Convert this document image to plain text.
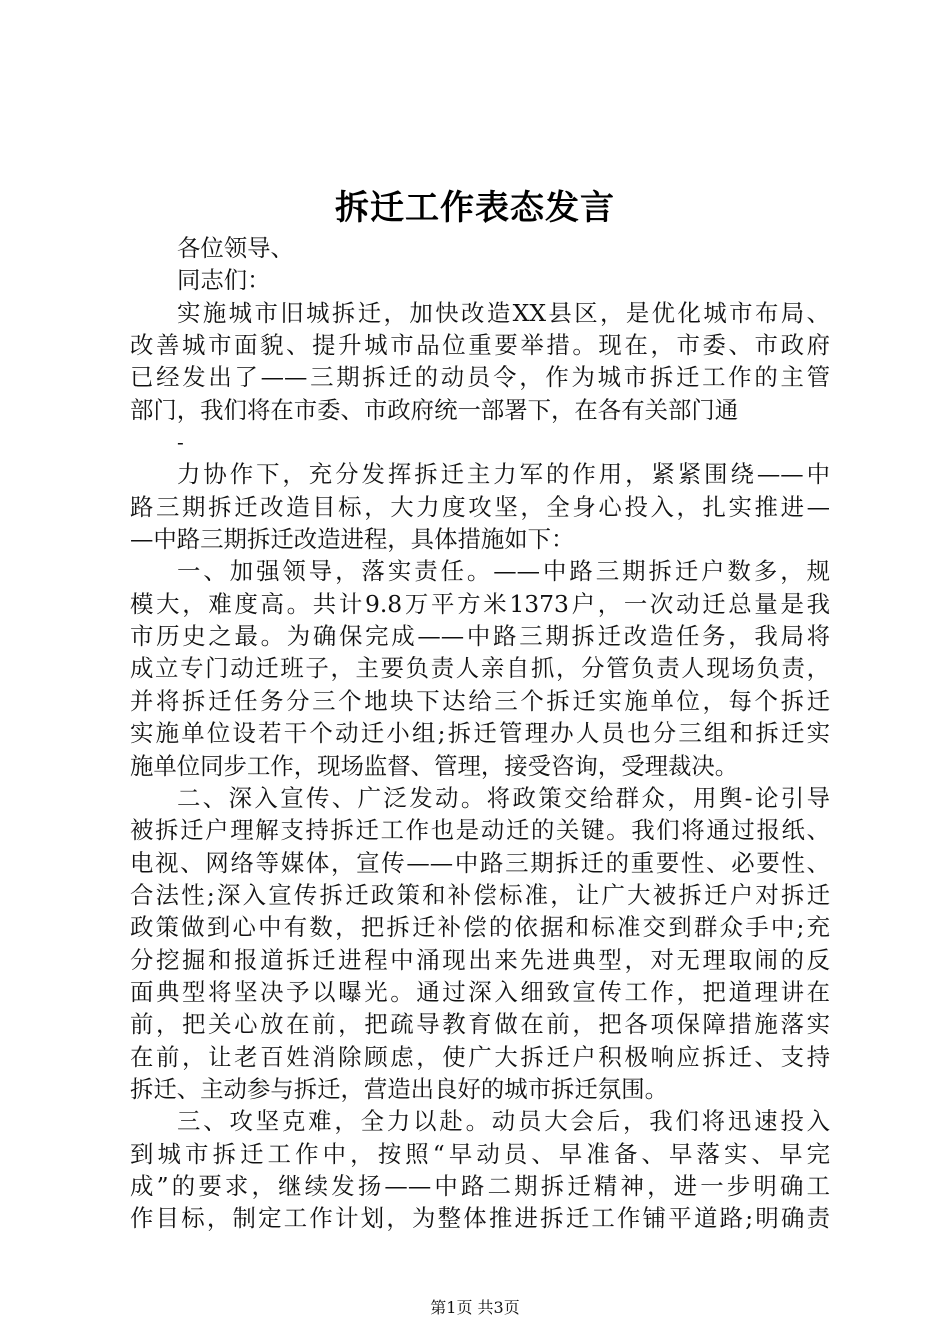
拆迁工作表态发言
各位领导、
同志们：
实施城市旧城拆迁，加快改造XX县区，是优化城市布局、
改善城市面貌、提升城市品位重要举措。现在，市委、市政府
已经发出了——三期拆迁的动员令，作为城市拆迁工作的主管
部门，我们将在市委、市政府统一部署下，在各有关部门通
-
力协作下，充分发挥拆迁主力军的作用，紧紧围绕——中
路三期拆迁改造目标，大力度攻坚，全身心投入，扎实推进—
—中路三期拆迁改造进程，具体措施如下：
一、加强领导，落实责任。——中路三期拆迁户数多，规
模大，难度高。共计9.8万平方米1373户，一次动迁总量是我
市历史之最。为确保完成——中路三期拆迁改造任务，我局将
成立专门动迁班子，主要负责人亲自抓，分管负责人现场负责，
并将拆迁任务分三个地块下达给三个拆迁实施单位，每个拆迁
实施单位设若干个动迁小组;拆迁管理办人员也分三组和拆迁实
施单位同步工作，现场监督、管理，接受咨询，受理裁决。
二、深入宣传、广泛发动。将政策交给群众，用舆-论引导
被拆迁户理解支持拆迁工作也是动迁的关键。我们将通过报纸、
电视、网络等媒体，宣传——中路三期拆迁的重要性、必要性、
合法性;深入宣传拆迁政策和补偿标准，让广大被拆迁户对拆迁
政策做到心中有数，把拆迁补偿的依据和标准交到群众手中;充
分挖掘和报道拆迁进程中涌现出来先进典型，对无理取闹的反
面典型将坚决予以曝光。通过深入细致宣传工作，把道理讲在
前，把关心放在前，把疏导教育做在前，把各项保障措施落实
在前，让老百姓消除顾虑，使广大拆迁户积极响应拆迁、支持
拆迁、主动参与拆迁，营造出良好的城市拆迁氛围。
三、攻坚克难，全力以赴。动员大会后，我们将迅速投入
到城市拆迁工作中，按照“早动员、早准备、早落实、早完
成”的要求，继续发扬——中路二期拆迁精神，进一步明确工
作目标，制定工作计划，为整体推进拆迁工作铺平道路;明确责
第1页 共3页
